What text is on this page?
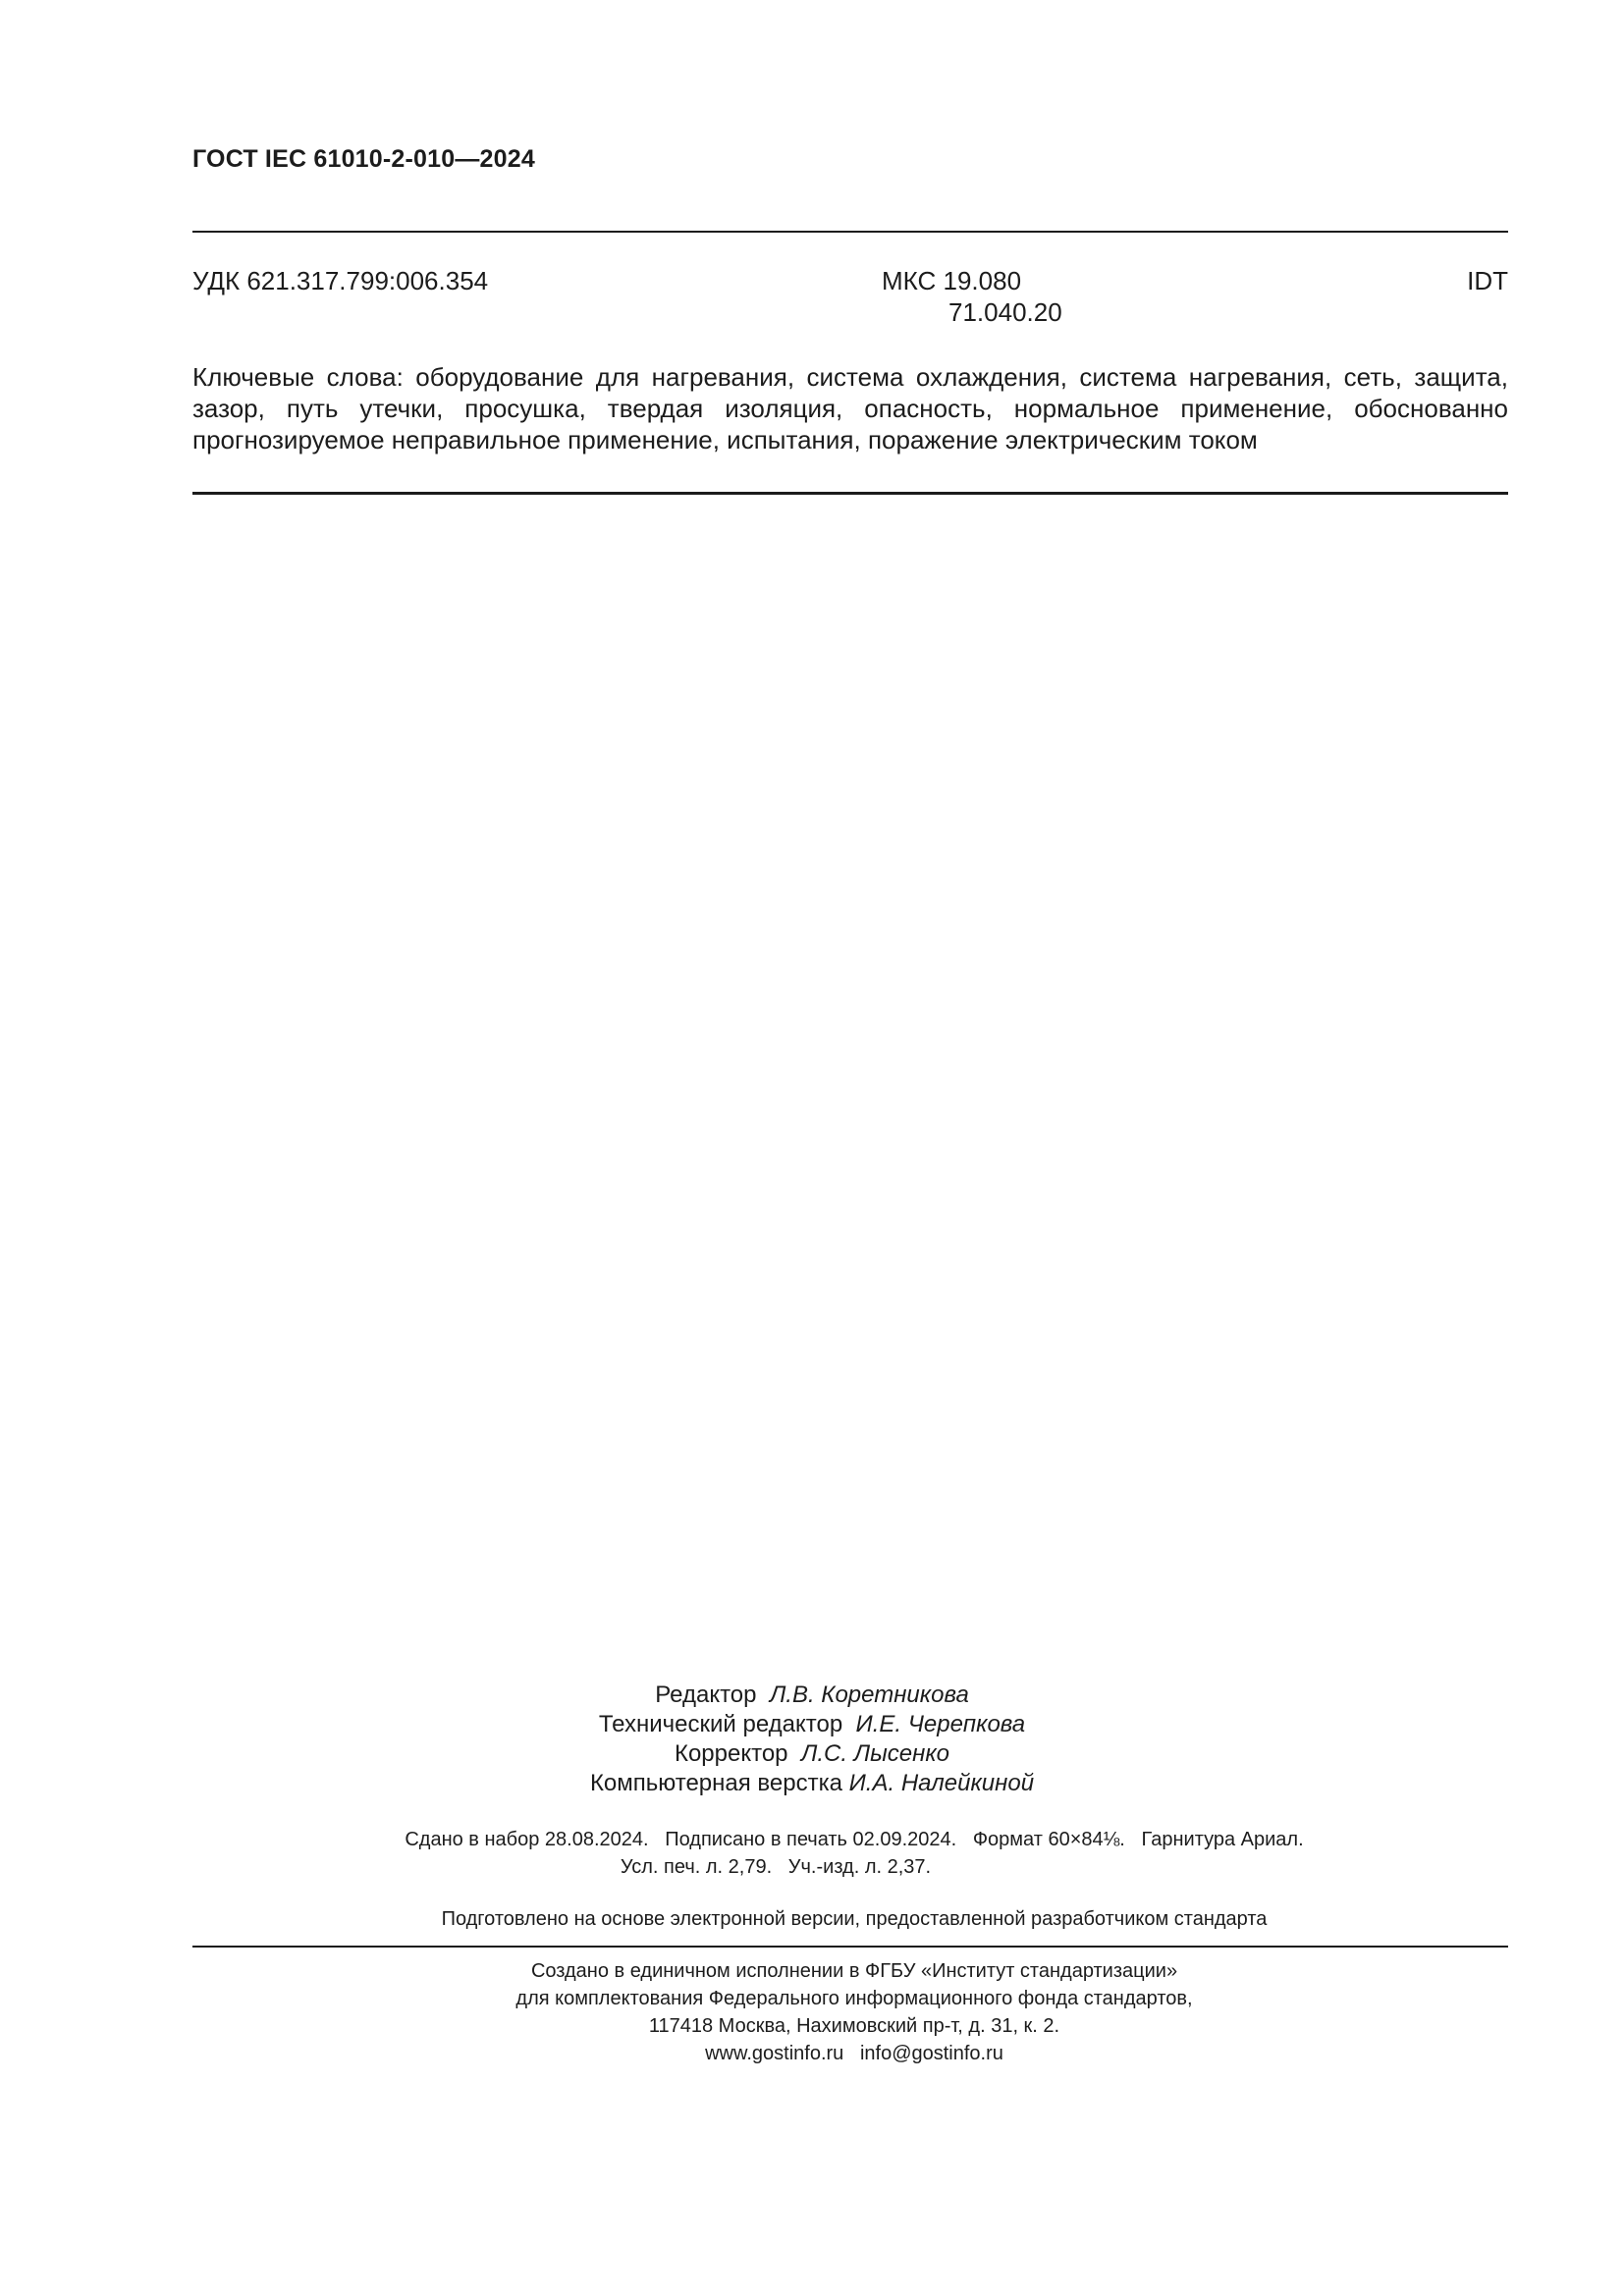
ГОСТ IEC 61010-2-010—2024
УДК 621.317.799:006.354	МКС 19.080
71.040.20
IDT
Ключевые слова: оборудование для нагревания, система охлаждения, система нагревания, сеть, защита, зазор, путь утечки, просушка, твердая изоляция, опасность, нормальное применение, обоснованно прогнозируемое неправильное применение, испытания, поражение электрическим током
Редактор Л.В. Коретникова
Технический редактор И.Е. Черепкова
Корректор Л.С. Лысенко
Компьютерная верстка И.А. Налейкиной
Сдано в набор 28.08.2024.   Подписано в печать 02.09.2024.   Формат 60×84⅛.   Гарнитура Ариал.
Усл. печ. л. 2,79.   Уч.-изд. л. 2,37.
Подготовлено на основе электронной версии, предоставленной разработчиком стандарта
Создано в единичном исполнении в ФГБУ «Институт стандартизации»
для комплектования Федерального информационного фонда стандартов,
117418 Москва, Нахимовский пр-т, д. 31, к. 2.
www.gostinfo.ru   info@gostinfo.ru
